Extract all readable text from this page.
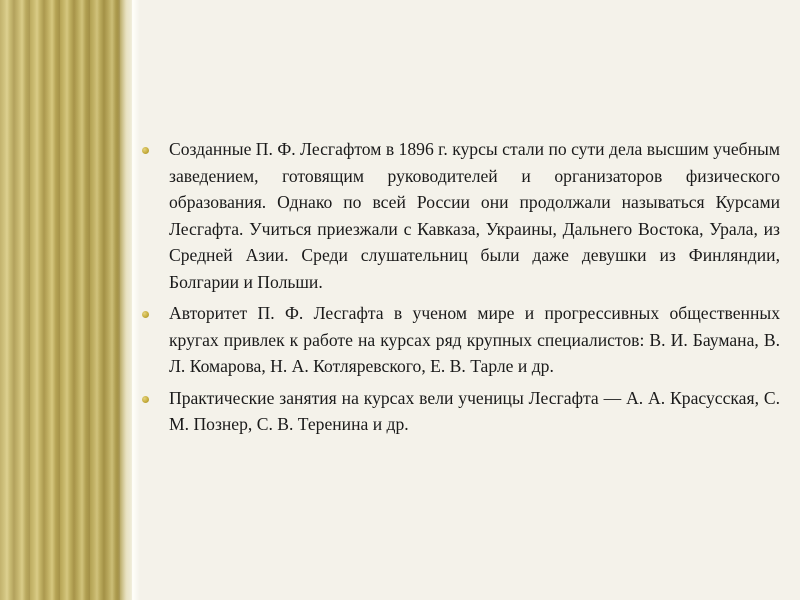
Созданные П. Ф. Лесгафтом в 1896 г. курсы стали по сути дела высшим учебным заведением, готовящим руководителей и организаторов физического образования. Однако по всей России они продолжали называться Курсами Лесгафта. Учиться приезжали с Кавказа, Украины, Дальнего Востока, Урала, из Средней Азии. Среди слушательниц были даже девушки из Финляндии, Болгарии и Польши.
Авторитет П. Ф. Лесгафта в ученом мире и прогрессивных общественных кругах привлек к работе на курсах ряд крупных специалистов: В. И. Баумана, В. Л. Комарова, Н. А. Котляревского, Е. В. Тарле и др.
Практические занятия на курсах вели ученицы Лесгафта — А. А. Красусская, С. М. Познер, С. В. Теренина и др.
